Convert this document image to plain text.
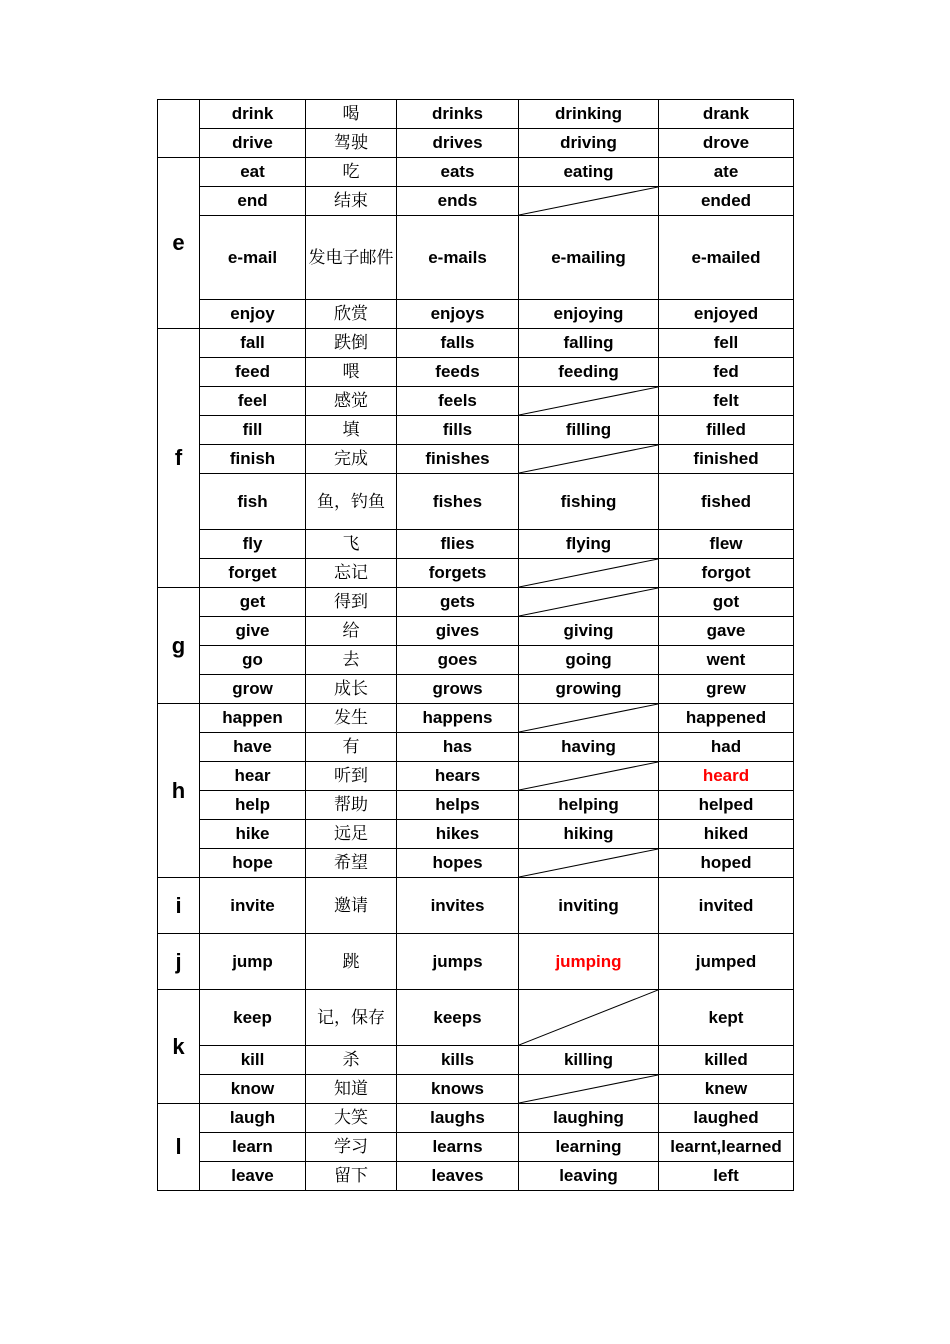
	drink	喝	drinks	drinking	drank
	drive	驾驶	drives	driving	drove
e	eat	吃	eats	eating	ate
	end	结束	ends		ended
	e-mail	发电子邮件	e-mails	e-mailing	e-mailed
	enjoy	欣赏	enjoys	enjoying	enjoyed
f	fall	跌倒	falls	falling	fell
	feed	喂	feeds	feeding	fed
	feel	感觉	feels		felt
	fill	填	fills	filling	filled
	finish	完成	finishes		finished
	fish	鱼，钓鱼	fishes	fishing	fished
	fly	飞	flies	flying	flew
	forget	忘记	forgets		forgot
g	get	得到	gets		got
	give	给	gives	giving	gave
	go	去	goes	going	went
	grow	成长	grows	growing	grew
h	happen	发生	happens		happened
	have	有	has	having	had
	hear	听到	hears		heard
	help	帮助	helps	helping	helped
	hike	远足	hikes	hiking	hiked
	hope	希望	hopes		hoped
i	invite	邀请	invites	inviting	invited
j	jump	跳	jumps	jumping	jumped
k	keep	记，保存	keeps		kept
	kill	杀	kills	killing	killed
	know	知道	knows		knew
l	laugh	大笑	laughs	laughing	laughed
	learn	学习	learns	learning	learnt,learned
	leave	留下	leaves	leaving	left
